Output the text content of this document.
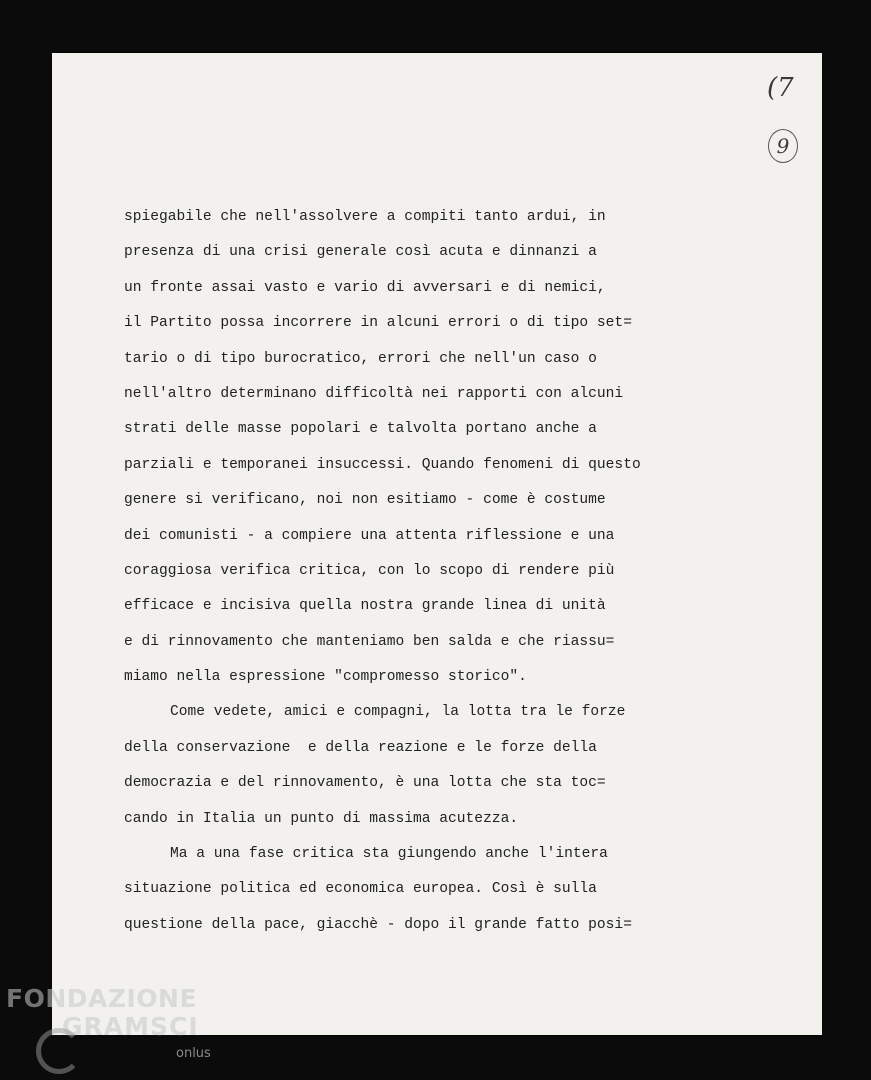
(7
9
spiegabile che nell'assolvere a compiti tanto ardui, in
presenza di una crisi generale così acuta e dinnanzi a
un fronte assai vasto e vario di avversari e di nemici,
il Partito possa incorrere in alcuni errori o di tipo set=
tario o di tipo burocratico, errori che nell'un caso o
nell'altro determinano difficoltà nei rapporti con alcuni
strati delle masse popolari e talvolta portano anche a
parziali e temporanei insuccessi. Quando fenomeni di questo
genere si verificano, noi non esitiamo - come è costume
dei comunisti - a compiere una attenta riflessione e una
coraggiosa verifica critica, con lo scopo di rendere più
efficace e incisiva quella nostra grande linea di unità
e di rinnovamento che manteniamo ben salda e che riassu=
miamo nella espressione "compromesso storico".
Come vedete, amici e compagni, la lotta tra le forze
della conservazione  e della reazione e le forze della
democrazia e del rinnovamento, è una lotta che sta toc=
cando in Italia un punto di massima acutezza.
Ma a una fase critica sta giungendo anche l'intera
situazione politica ed economica europea. Così è sulla
questione della pace, giacchè - dopo il grande fatto posi=
FONDAZIONE
GRAMSCI
onlus
